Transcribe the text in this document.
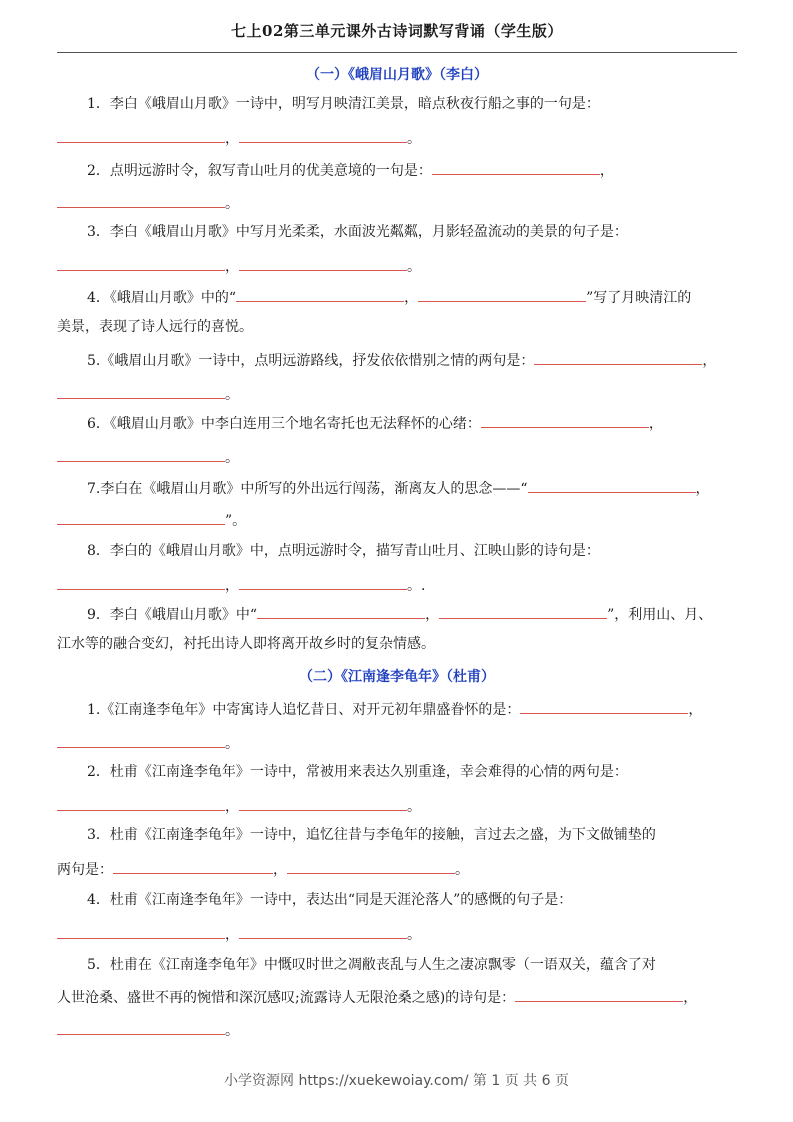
七上02第三单元课外古诗词默写背诵（学生版）
（一）《峨眉山月歌》（李白）
1．李白《峨眉山月歌》一诗中，明写月映清江美景，暗点秋夜行船之事的一句是：
，	。
2．点明远游时令，叙写青山吐月的优美意境的一句是：	，
。
3．李白《峨眉山月歌》中写月光柔柔，水面波光粼粼，月影轻盈流动的美景的句子是：
，	。
4．《峨眉山月歌》中的“	，	”写了月映清江的
美景，表现了诗人远行的喜悦。
5.《峨眉山月歌》一诗中，点明远游路线，抒发依依惜别之情的两句是：	，
。
6．《峨眉山月歌》中李白连用三个地名寄托也无法释怀的心绪：	，
。
7.李白在《峨眉山月歌》中所写的外出远行闯荡，渐离友人的思念——“	，
”。
8．李白的《峨眉山月歌》中，点明远游时令，描写青山吐月、江映山影的诗句是：
，	。.
9．李白《峨眉山月歌》中“	，	”，利用山、月、
江水等的融合变幻，衬托出诗人即将离开故乡时的复杂情感。
（二）《江南逢李龟年》（杜甫）
1.《江南逢李龟年》中寄寓诗人追忆昔日、对开元初年鼎盛眷怀的是：	，
。
2．杜甫《江南逢李龟年》一诗中，常被用来表达久别重逢，幸会难得的心情的两句是：
，	。
3．杜甫《江南逢李龟年》一诗中，追忆往昔与李龟年的接触，言过去之盛，为下文做铺垫的
两句是：	，	。
4．杜甫《江南逢李龟年》一诗中，表达出“同是天涯沦落人”的感慨的句子是：
，	。
5．杜甫在《江南逢李龟年》中慨叹时世之凋敝丧乱与人生之凄凉飘零（一语双关，蕴含了对
人世沧桑、盛世不再的惋惜和深沉感叹;流露诗人无限沧桑之感)的诗句是：	，
。
小学资源网 https://xuekewoiay.com/ 第 1 页 共 6 页
